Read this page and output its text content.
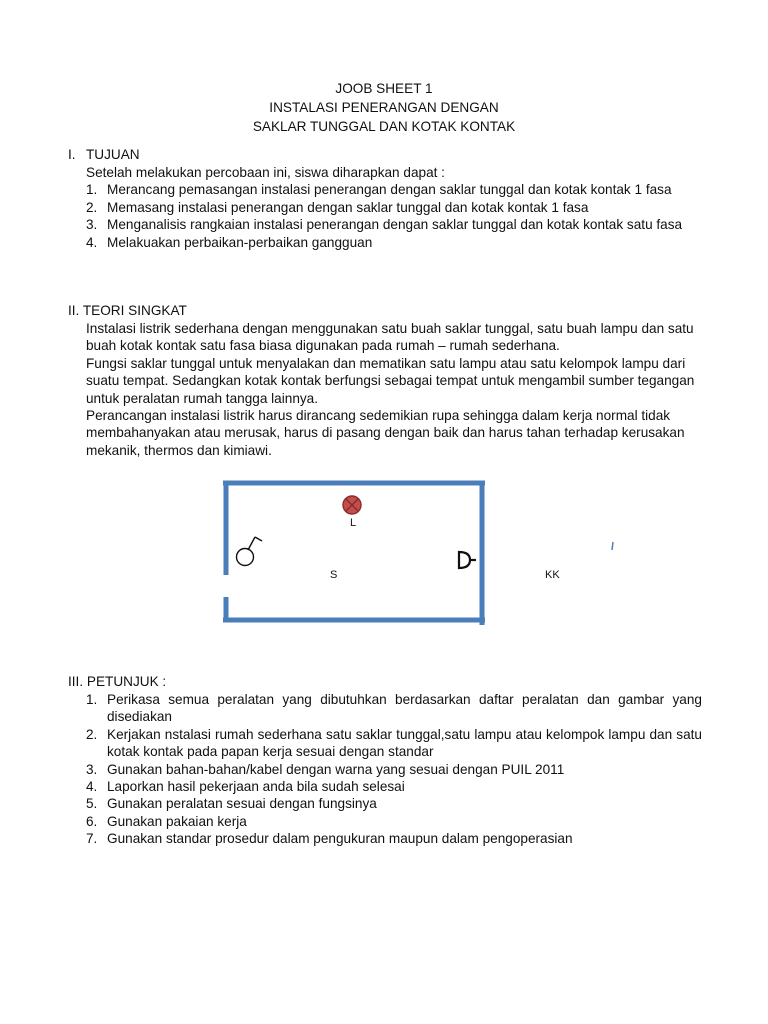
JOOB SHEET 1
INSTALASI PENERANGAN DENGAN
SAKLAR TUNGGAL DAN KOTAK KONTAK
I. TUJUAN
Setelah melakukan percobaan ini, siswa diharapkan dapat :
1. Merancang pemasangan instalasi penerangan dengan saklar tunggal dan kotak kontak 1 fasa
2. Memasang instalasi penerangan dengan saklar tunggal dan kotak kontak 1 fasa
3. Menganalisis rangkaian instalasi penerangan dengan saklar tunggal dan kotak kontak satu fasa
4. Melakuakan perbaikan-perbaikan gangguan
II. TEORI SINGKAT
Instalasi listrik sederhana dengan menggunakan satu buah saklar tunggal, satu buah lampu dan satu buah kotak kontak satu fasa biasa digunakan pada rumah – rumah sederhana.
Fungsi saklar tunggal untuk menyalakan dan mematikan satu lampu atau satu kelompok lampu dari suatu tempat. Sedangkan kotak kontak berfungsi sebagai tempat untuk mengambil sumber tegangan untuk peralatan rumah tangga lainnya.
Perancangan instalasi listrik harus dirancang sedemikian rupa sehingga dalam kerja normal tidak membahanyakan atau merusak, harus di pasang dengan baik dan harus tahan terhadap kerusakan mekanik, thermos dan kimiawi.
L
S	KK
III. PETUNJUK :
1. Perikasa semua peralatan yang dibutuhkan berdasarkan daftar peralatan dan gambar yang disediakan
2. Kerjakan nstalasi rumah sederhana satu saklar tunggal,satu lampu atau kelompok lampu dan satu kotak kontak pada papan kerja sesuai dengan standar
3. Gunakan bahan-bahan/kabel dengan warna yang sesuai dengan PUIL 2011
4. Laporkan hasil pekerjaan anda bila sudah selesai
5. Gunakan peralatan sesuai dengan fungsinya
6. Gunakan pakaian kerja
7. Gunakan standar prosedur dalam pengukuran maupun dalam pengoperasian
